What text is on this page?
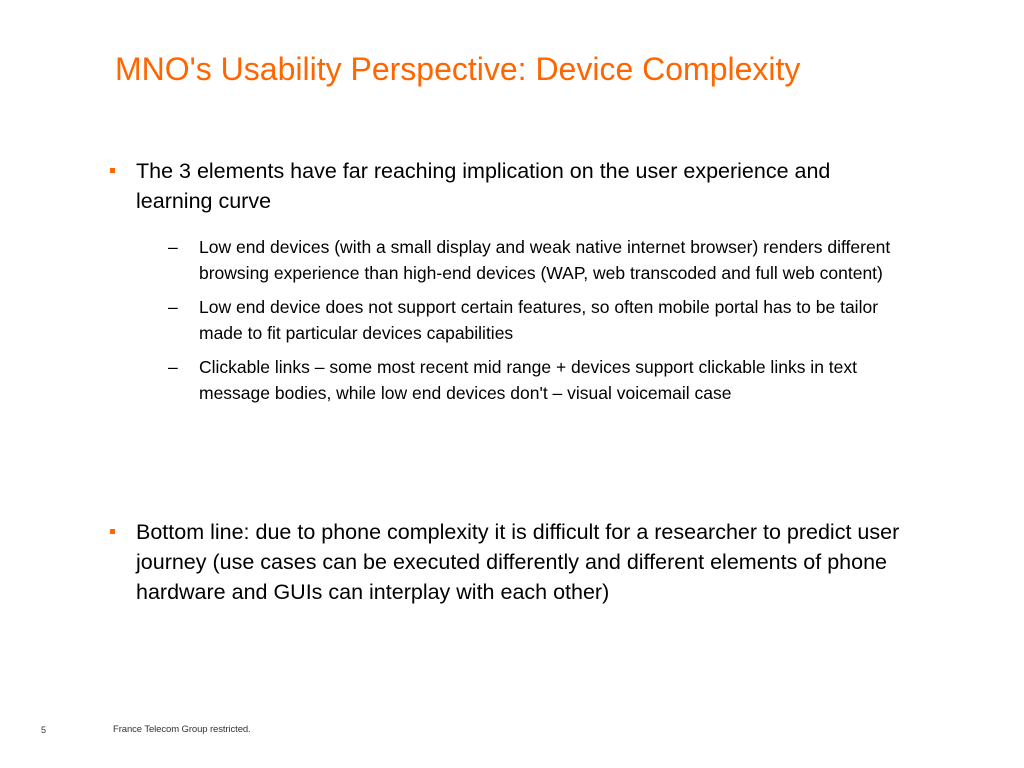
MNO's Usability Perspective: Device Complexity
The 3 elements have far reaching implication on the user experience and learning curve
– Low end devices (with a small display and weak native internet browser) renders different browsing experience than high-end devices (WAP, web transcoded and full web content)
– Low end device does not support certain features, so often mobile portal has to be tailor made to fit particular devices capabilities
– Clickable links – some most recent mid range + devices support clickable links in text message bodies, while low end devices don't – visual voicemail case
Bottom line: due to phone complexity it is difficult for a researcher to predict user journey (use cases can be executed differently and different elements of phone hardware and GUIs can interplay with each other)
5	France Telecom Group restricted.
